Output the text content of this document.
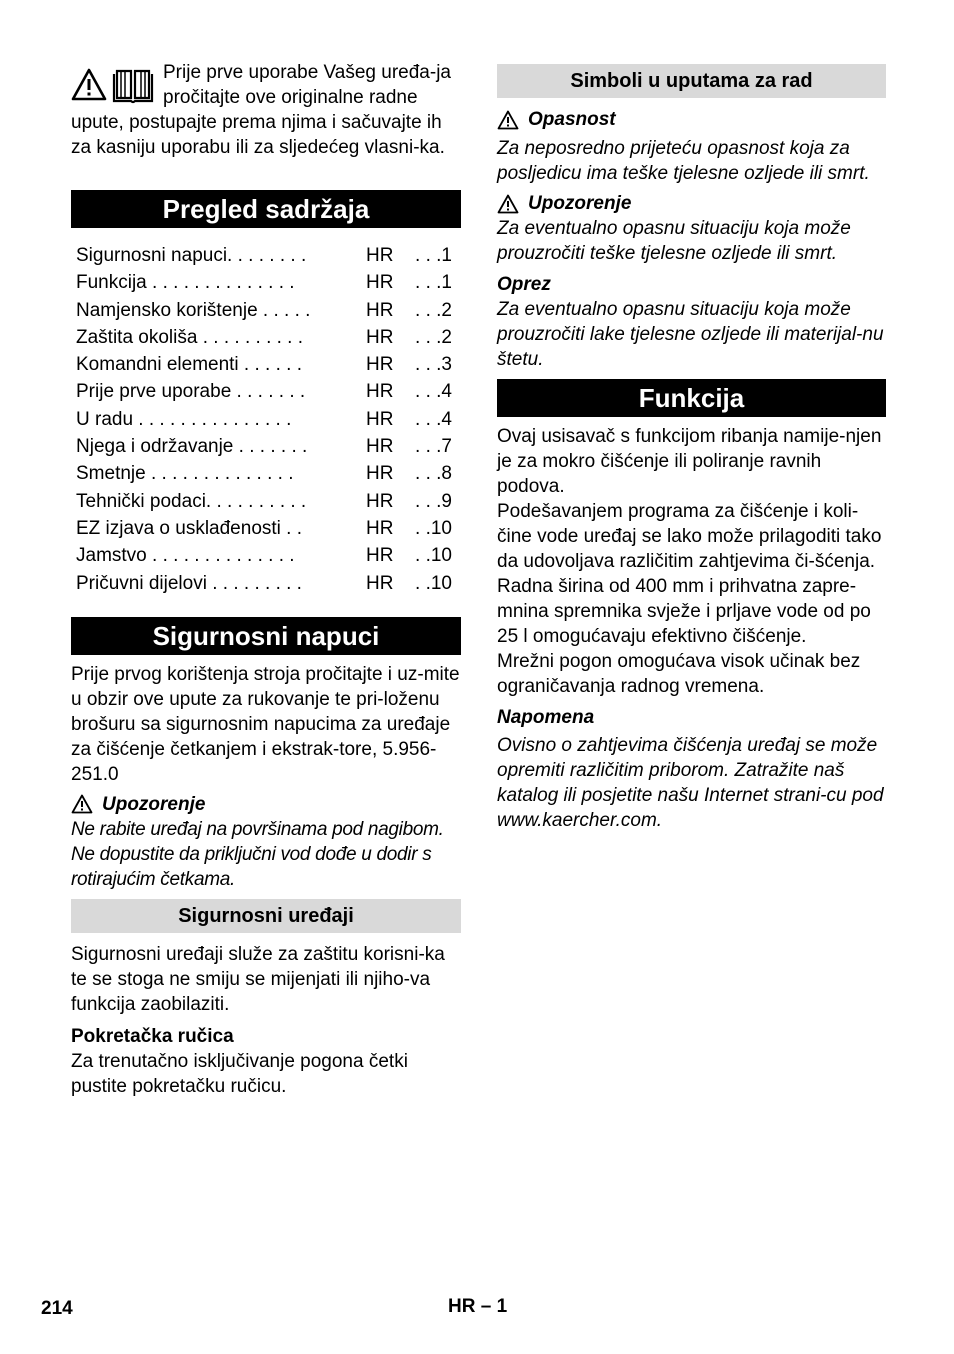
Prije prve uporabe Vašeg uređa-ja pročitajte ove originalne radne upute, postupajte prema njima i sačuvajte ih za kasniju uporabu ili za sljedećeg vlasni-ka.

Pregled sadržaja
Sigurnosni napuci. . . . . . . .	HR	. . .1
Funkcija . . . . . . . . . . . . . .	HR	. . .1
Namjensko korištenje . . . . .	HR	. . .2
Zaštita okoliša . . . . . . . . . .	HR	. . .2
Komandni elementi . . . . . .	HR	. . .3
Prije prve uporabe . . . . . . .	HR	. . .4
U radu . . . . . . . . . . . . . . .	HR	. . .4
Njega i održavanje . . . . . . .	HR	. . .7
Smetnje . . . . . . . . . . . . . .	HR	. . .8
Tehnički podaci. . . . . . . . . .	HR	. . .9
EZ izjava o usklađenosti . .	HR	. .10
Jamstvo . . . . . . . . . . . . . .	HR	. .10
Pričuvni dijelovi . . . . . . . . .	HR	. .10
Sigurnosni napuci

Prije prvog korištenja stroja pročitajte i uz-mite u obzir ove upute za rukovanje te pri-loženu brošuru sa sigurnosnim napucima za uređaje za čišćenje četkanjem i ekstrak-tore, 5.956-251.0

Upozorenje

Ne rabite uređaj na površinama pod nagibom. Ne dopustite da priključni vod dođe u dodir s rotirajućim četkama.

Sigurnosni uređaji

Sigurnosni uređaji služe za zaštitu korisni-ka te se stoga ne smiju se mijenjati ili njiho-va funkcija zaobilaziti.

Pokretačka ručica

Za trenutačno isključivanje pogona četki pustite pokretačku ručicu.

Simboli u uputama za rad
Opasnost

Za neposredno prijeteću opasnost koja za posljedicu ima teške tjelesne ozljede ili smrt.

Upozorenje

Za eventualno opasnu situaciju koja može prouzročiti teške tjelesne ozljede ili smrt.

Oprez

Za eventualno opasnu situaciju koja može prouzročiti lake tjelesne ozljede ili materijal-nu štetu.

Funkcija

Ovaj usisavač s funkcijom ribanja namije-njen je za mokro čišćenje ili poliranje ravnih podova.

Podešavanjem programa za čišćenje i koli-čine vode uređaj se lako može prilagoditi tako da udovoljava različitim zahtjevima či-šćenja.

Radna širina od 400 mm i prihvatna zapre-mnina spremnika svježe i prljave vode od po 25 l omogućavaju efektivno čišćenje.

Mrežni pogon omogućava visok učinak bez ograničavanja radnog vremena.

Napomena

Ovisno o zahtjevima čišćenja uređaj se može opremiti različitim priborom. Zatražite naš katalog ili posjetite našu Internet strani-cu pod www.kaercher.com.

214	HR – 1
